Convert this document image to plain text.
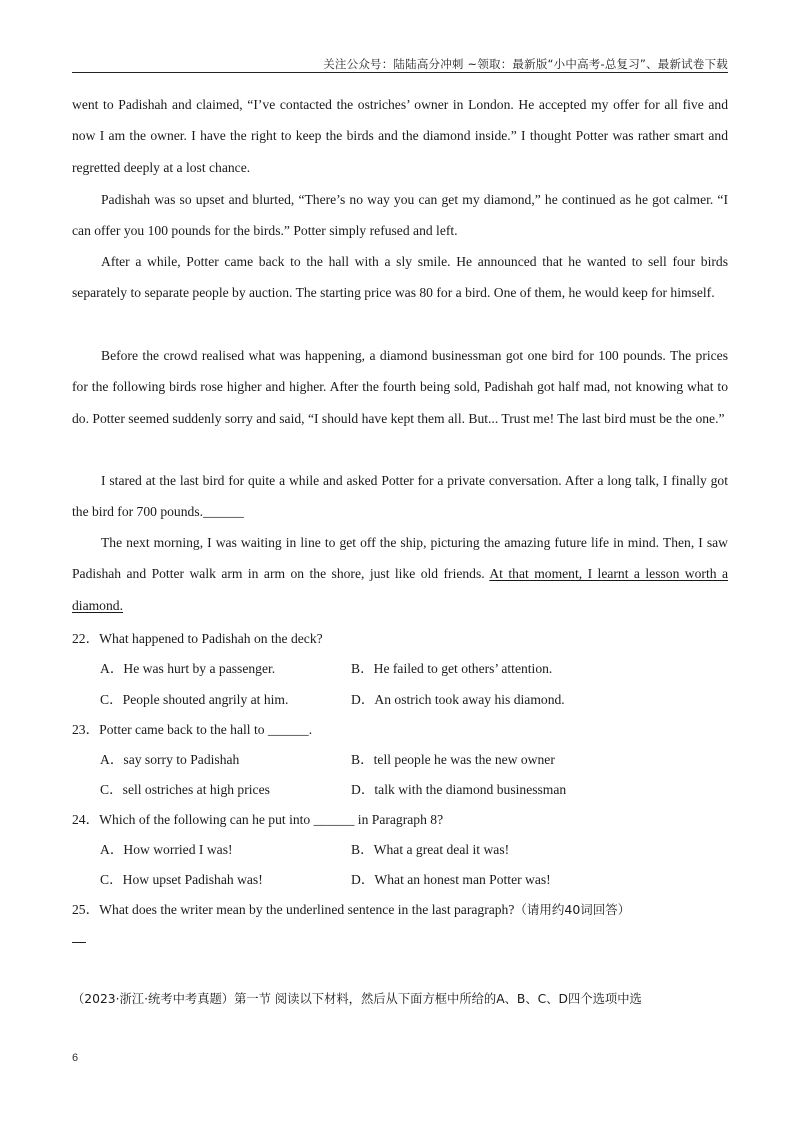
关注公众号：陆陆高分冲刺 ~领取：最新版“小中高考-总复习”、最新试卷下载

went to Padishah and claimed, “I’ve contacted the ostriches’ owner in London. He accepted my offer for all five and now I am the owner. I have the right to keep the birds and the diamond inside.” I thought Potter was rather smart and regretted deeply at a lost chance.

Padishah was so upset and blurted, “There’s no way you can get my diamond,” he continued as he got calmer. “I can offer you 100 pounds for the birds.” Potter simply refused and left.

After a while, Potter came back to the hall with a sly smile. He announced that he wanted to sell four birds separately to separate people by auction. The starting price was 80 for a bird. One of them, he would keep for himself.

Before the crowd realised what was happening, a diamond businessman got one bird for 100 pounds. The prices for the following birds rose higher and higher. After the fourth being sold, Padishah got half mad, not knowing what to do. Potter seemed suddenly sorry and said, “I should have kept them all. But... Trust me! The last bird must be the one.”

I stared at the last bird for quite a while and asked Potter for a private conversation. After a long talk, I finally got the bird for 700 pounds.______

The next morning, I was waiting in line to get off the ship, picturing the amazing future life in mind. Then, I saw Padishah and Potter walk arm in arm on the shore, just like old friends. At that moment, I learnt a lesson worth a diamond.

22．What happened to Padishah on the deck?
A．He was hurt by a passenger.	B．He failed to get others’ attention.
C．People shouted angrily at him.	D．An ostrich took away his diamond.
23．Potter came back to the hall to ______.
A．say sorry to Padishah	B．tell people he was the new owner
C．sell ostriches at high prices	D．talk with the diamond businessman
24．Which of the following can he put into ______ in Paragraph 8?
A．How worried I was!	B．What a great deal it was!
C．How upset Padishah was!	D．What an honest man Potter was!
25．What does the writer mean by the underlined sentence in the last paragraph?（请用约40词回答）
（2023·浙江·统考中考真题）第一节 阅读以下材料，然后从下面方框中所给的A、B、C、D四个选项中选
6
